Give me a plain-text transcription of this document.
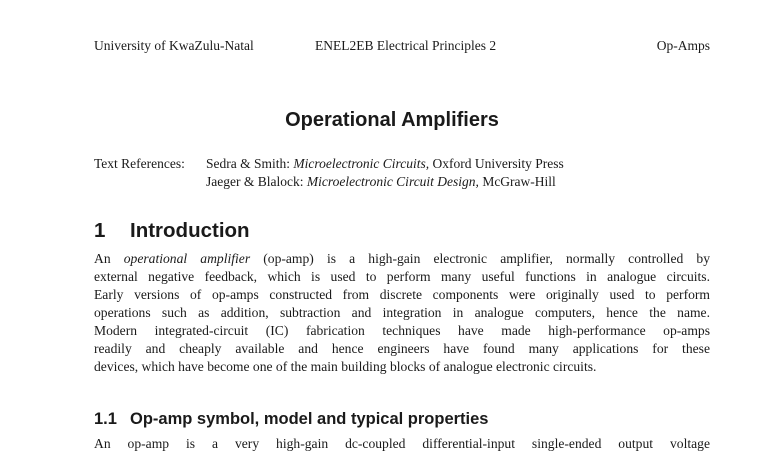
University of KwaZulu-Natal	ENEL2EB Electrical Principles 2	Op-Amps
Operational Amplifiers
Text References: Sedra & Smith: Microelectronic Circuits, Oxford University Press
Jaeger & Blalock: Microelectronic Circuit Design, McGraw-Hill
1 Introduction
An operational amplifier (op-amp) is a high-gain electronic amplifier, normally controlled by
external negative feedback, which is used to perform many useful functions in analogue circuits.
Early versions of op-amps constructed from discrete components were originally used to perform
operations such as addition, subtraction and integration in analogue computers, hence the name.
Modern integrated-circuit (IC) fabrication techniques have made high-performance op-amps
readily and cheaply available and hence engineers have found many applications for these
devices, which have become one of the main building blocks of analogue electronic circuits.
1.1 Op-amp symbol, model and typical properties
An op-amp is a very high-gain dc-coupled differential-input single-ended output voltage
